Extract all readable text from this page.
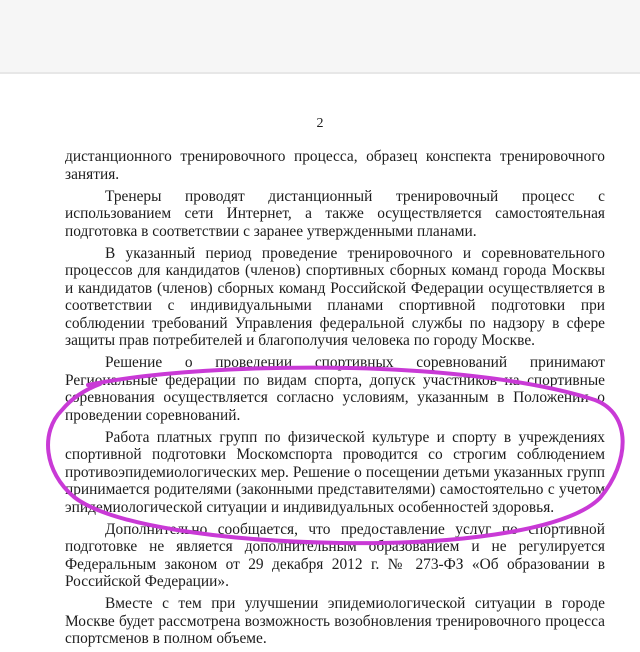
2

дистанционного тренировочного процесса, образец конспекта тренировочного занятия.

Тренеры проводят дистанционный тренировочный процесс с использованием сети Интернет, а также осуществляется самостоятельная подготовка в соответствии с заранее утвержденными планами.

В указанный период проведение тренировочного и соревновательного процессов для кандидатов (членов) спортивных сборных команд города Москвы и кандидатов (членов) сборных команд Российской Федерации осуществляется в соответствии с индивидуальными планами спортивной подготовки при соблюдении требований Управления федеральной службы по надзору в сфере защиты прав потребителей и благополучия человека по городу Москве.

Решение о проведении спортивных соревнований принимают Региональные федерации по видам спорта, допуск участников на спортивные соревнования осуществляется согласно условиям, указанным в Положении о проведении соревнований.

Работа платных групп по физической культуре и спорту в учреждениях спортивной подготовки Москомспорта проводится со строгим соблюдением противоэпидемиологических мер. Решение о посещении детьми указанных групп принимается родителями (законными представителями) самостоятельно с учетом эпидемиологической ситуации и индивидуальных особенностей здоровья.

Дополнительно сообщается, что предоставление услуг по спортивной подготовке не является дополнительным образованием и не регулируется Федеральным законом от 29 декабря 2012 г. № 273-ФЗ «Об образовании в Российской Федерации».

Вместе с тем при улучшении эпидемиологической ситуации в городе Москве будет рассмотрена возможность возобновления тренировочного процесса спортсменов в полном объеме.
